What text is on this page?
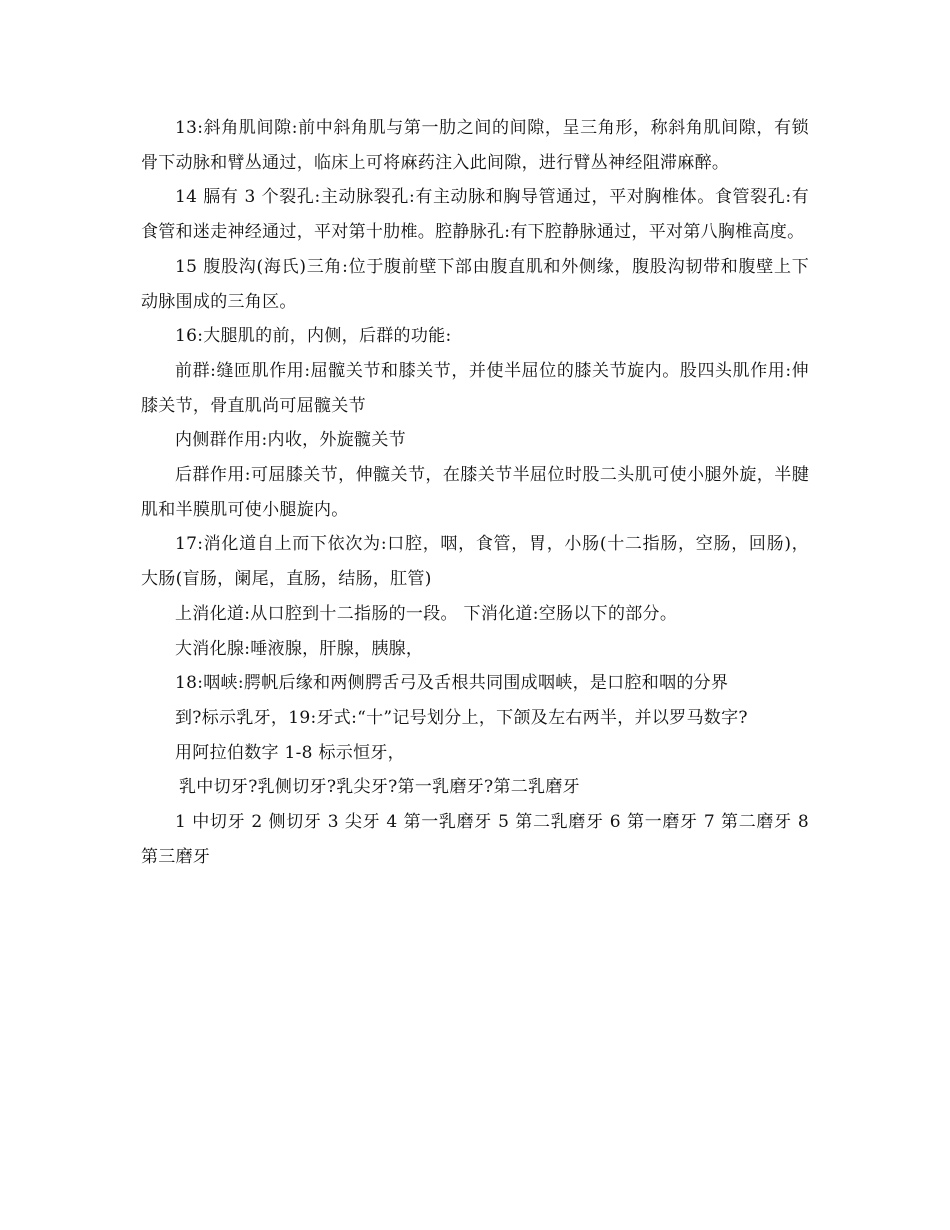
13:斜角肌间隙:前中斜角肌与第一肋之间的间隙，呈三角形，称斜角肌间隙，有锁骨下动脉和臂丛通过，临床上可将麻药注入此间隙，进行臂丛神经阻滞麻醉。

14 膈有 3 个裂孔:主动脉裂孔:有主动脉和胸导管通过，平对胸椎体。食管裂孔:有食管和迷走神经通过，平对第十肋椎。腔静脉孔:有下腔静脉通过，平对第八胸椎高度。

15 腹股沟(海氏)三角:位于腹前壁下部由腹直肌和外侧缘，腹股沟韧带和腹壁上下动脉围成的三角区。

16:大腿肌的前，内侧，后群的功能:

前群:缝匝肌作用:屈髋关节和膝关节，并使半屈位的膝关节旋内。股四头肌作用:伸膝关节，骨直肌尚可屈髋关节

内侧群作用:内收，外旋髋关节

后群作用:可屈膝关节，伸髋关节，在膝关节半屈位时股二头肌可使小腿外旋，半腱肌和半膜肌可使小腿旋内。

17:消化道自上而下依次为:口腔，咽，食管，胃，小肠(十二指肠，空肠，回肠)，大肠(盲肠，阑尾，直肠，结肠，肛管)

上消化道:从口腔到十二指肠的一段。 下消化道:空肠以下的部分。

大消化腺:唾液腺，肝腺，胰腺，

18:咽峡:腭帆后缘和两侧腭舌弓及舌根共同围成咽峡，是口腔和咽的分界

到?标示乳牙，19:牙式:“十”记号划分上，下颌及左右两半，并以罗马数字?

用阿拉伯数字 1-8 标示恒牙，

乳中切牙?乳侧切牙?乳尖牙?第一乳磨牙?第二乳磨牙

1 中切牙 2 侧切牙 3 尖牙 4 第一乳磨牙 5 第二乳磨牙 6 第一磨牙 7 第二磨牙 8 第三磨牙
